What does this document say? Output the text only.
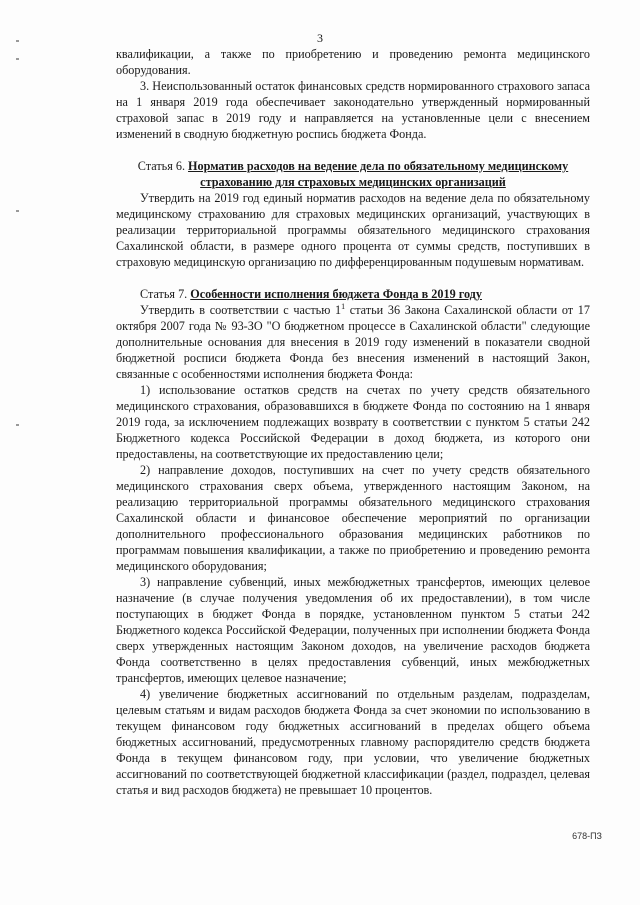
3

квалификации, а также по приобретению и проведению ремонта медицинского оборудования.

3. Неиспользованный остаток финансовых средств нормированного страхового запаса на 1 января 2019 года обеспечивает законодательно утвержденный нормированный страховой запас в 2019 году и направляется на установленные цели с внесением изменений в сводную бюджетную роспись бюджета Фонда.

Статья 6. Норматив расходов на ведение дела по обязательному медицинскому страхованию для страховых медицинских организаций

Утвердить на 2019 год единый норматив расходов на ведение дела по обязательному медицинскому страхованию для страховых медицинских организаций, участвующих в реализации территориальной программы обязательного медицинского страхования Сахалинской области, в размере одного процента от суммы средств, поступивших в страховую медицинскую организацию по дифференцированным подушевым нормативам.

Статья 7. Особенности исполнения бюджета Фонда в 2019 году

Утвердить в соответствии с частью $1^1$ статьи 36 Закона Сахалинской области от 17 октября 2007 года № 93-ЗО "О бюджетном процессе в Сахалинской области" следующие дополнительные основания для внесения в 2019 году изменений в показатели сводной бюджетной росписи бюджета Фонда без внесения изменений в настоящий Закон, связанные с особенностями исполнения бюджета Фонда:

1) использование остатков средств на счетах по учету средств обязательного медицинского страхования, образовавшихся в бюджете Фонда по состоянию на 1 января 2019 года, за исключением подлежащих возврату в соответствии с пунктом 5 статьи 242 Бюджетного кодекса Российской Федерации в доход бюджета, из которого они предоставлены, на соответствующие их предоставлению цели;

2) направление доходов, поступивших на счет по учету средств обязательного медицинского страхования сверх объема, утвержденного настоящим Законом, на реализацию территориальной программы обязательного медицинского страхования Сахалинской области и финансовое обеспечение мероприятий по организации дополнительного профессионального образования медицинских работников по программам повышения квалификации, а также по приобретению и проведению ремонта медицинского оборудования;

3) направление субвенций, иных межбюджетных трансфертов, имеющих целевое назначение (в случае получения уведомления об их предоставлении), в том числе поступающих в бюджет Фонда в порядке, установленном пунктом 5 статьи 242 Бюджетного кодекса Российской Федерации, полученных при исполнении бюджета Фонда сверх утвержденных настоящим Законом доходов, на увеличение расходов бюджета Фонда соответственно в целях предоставления субвенций, иных межбюджетных трансфертов, имеющих целевое назначение;

4) увеличение бюджетных ассигнований по отдельным разделам, подразделам, целевым статьям и видам расходов бюджета Фонда за счет экономии по использованию в текущем финансовом году бюджетных ассигнований в пределах общего объема бюджетных ассигнований, предусмотренных главному распорядителю средств бюджета Фонда в текущем финансовом году, при условии, что увеличение бюджетных ассигнований по соответствующей бюджетной классификации (раздел, подраздел, целевая статья и вид расходов бюджета) не превышает 10 процентов.

678-ПЗ
